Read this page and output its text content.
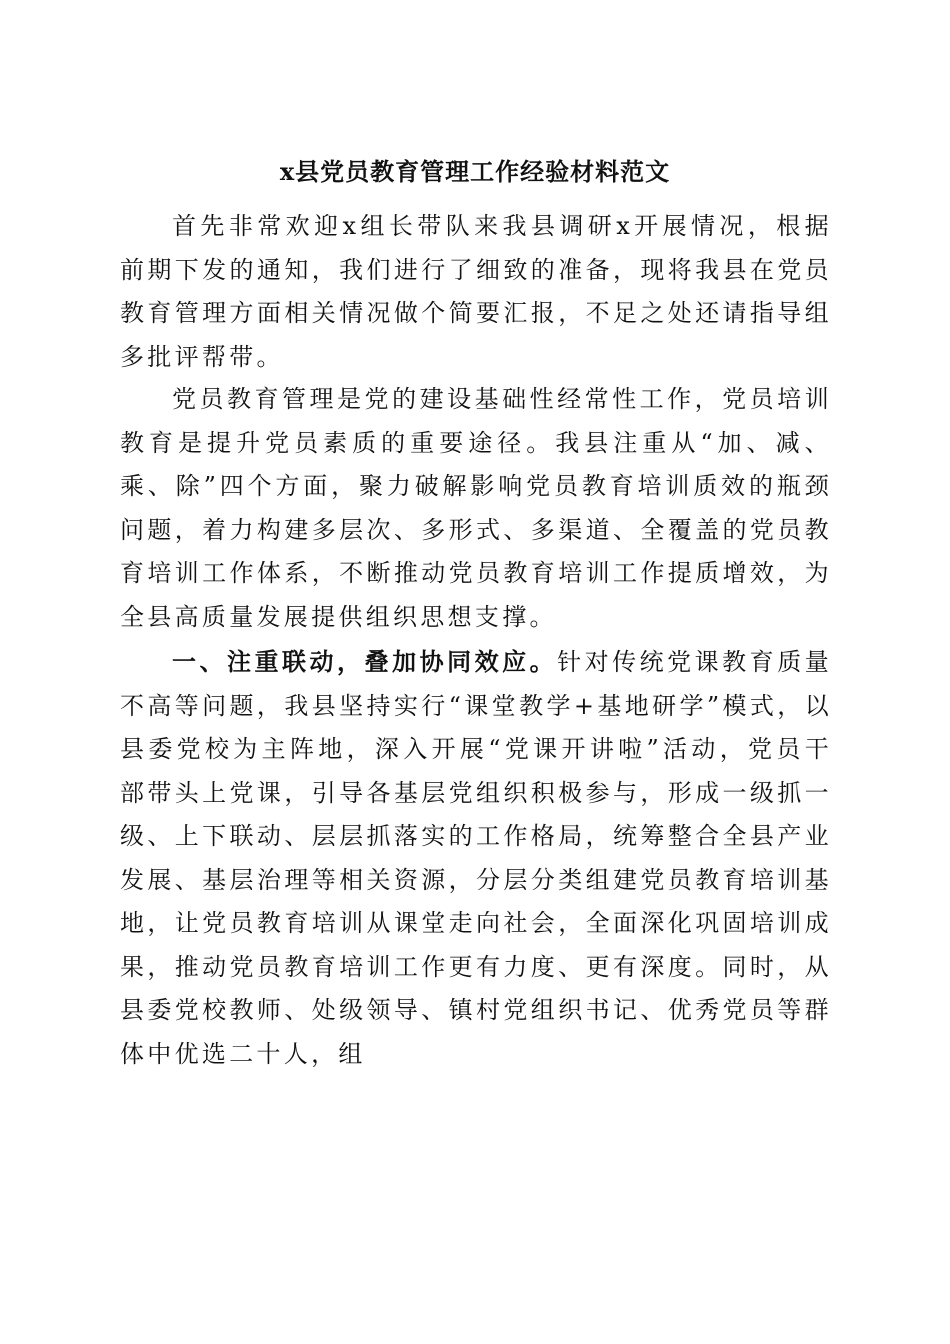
x县党员教育管理工作经验材料范文

首先非常欢迎x组长带队来我县调研x开展情况，根据前期下发的通知，我们进行了细致的准备，现将我县在党员教育管理方面相关情况做个简要汇报，不足之处还请指导组多批评帮带。

党员教育管理是党的建设基础性经常性工作，党员培训教育是提升党员素质的重要途径。我县注重从“加、减、乘、除”四个方面，聚力破解影响党员教育培训质效的瓶颈问题，着力构建多层次、多形式、多渠道、全覆盖的党员教育培训工作体系，不断推动党员教育培训工作提质增效，为全县高质量发展提供组织思想支撑。

一、注重联动，叠加协同效应。针对传统党课教育质量不高等问题，我县坚持实行“课堂教学+基地研学”模式，以县委党校为主阵地，深入开展“党课开讲啦”活动，党员干部带头上党课，引导各基层党组织积极参与，形成一级抓一级、上下联动、层层抓落实的工作格局，统筹整合全县产业发展、基层治理等相关资源，分层分类组建党员教育培训基地，让党员教育培训从课堂走向社会，全面深化巩固培训成果，推动党员教育培训工作更有力度、更有深度。同时，从县委党校教师、处级领导、镇村党组织书记、优秀党员等群体中优选二十人，组
